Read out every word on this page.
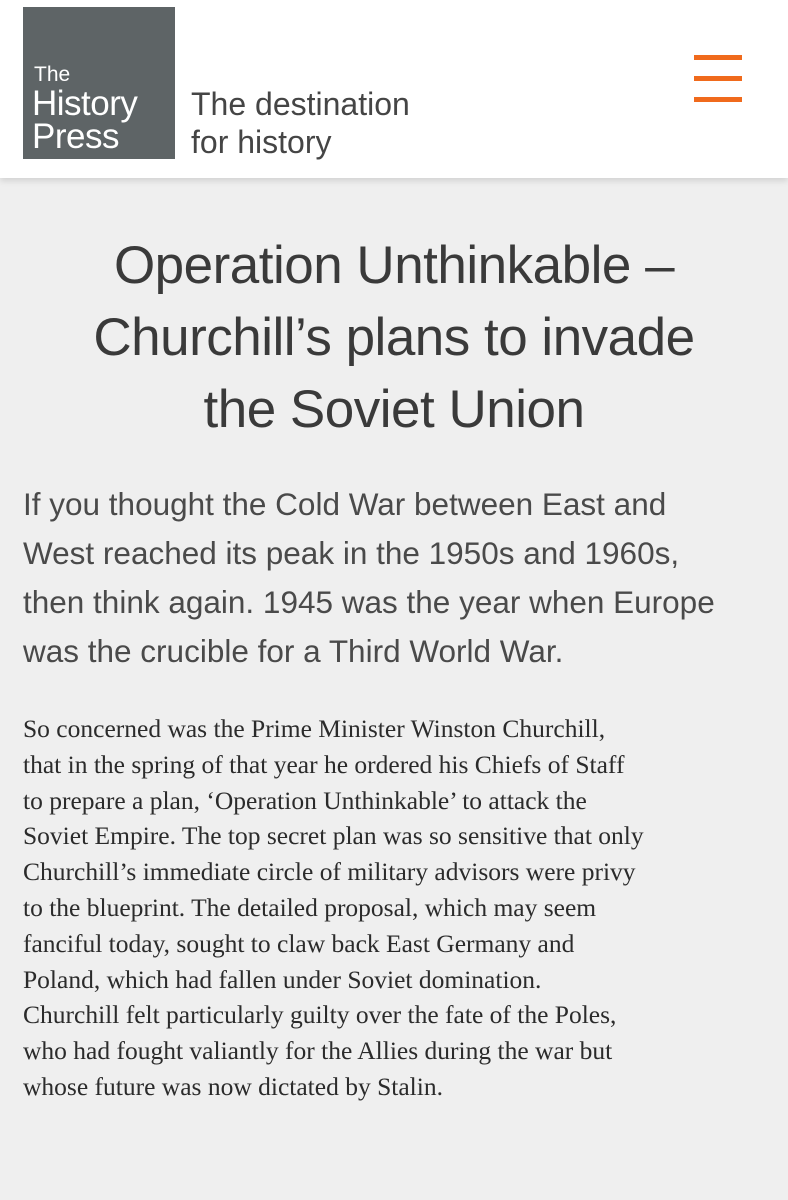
The
History
Press
The destination
for history
Operation Unthinkable –
Churchill’s plans to invade
the Soviet Union
If you thought the Cold War between East and
West reached its peak in the 1950s and 1960s,
then think again. 1945 was the year when Europe
was the crucible for a Third World War.
So concerned was the Prime Minister Winston Churchill,
that in the spring of that year he ordered his Chiefs of Staff
to prepare a plan, ‘Operation Unthinkable’ to attack the
Soviet Empire. The top secret plan was so sensitive that only
Churchill’s immediate circle of military advisors were privy
to the blueprint. The detailed proposal, which may seem
fanciful today, sought to claw back East Germany and
Poland, which had fallen under Soviet domination.
Churchill felt particularly guilty over the fate of the Poles,
who had fought valiantly for the Allies during the war but
whose future was now dictated by Stalin.
